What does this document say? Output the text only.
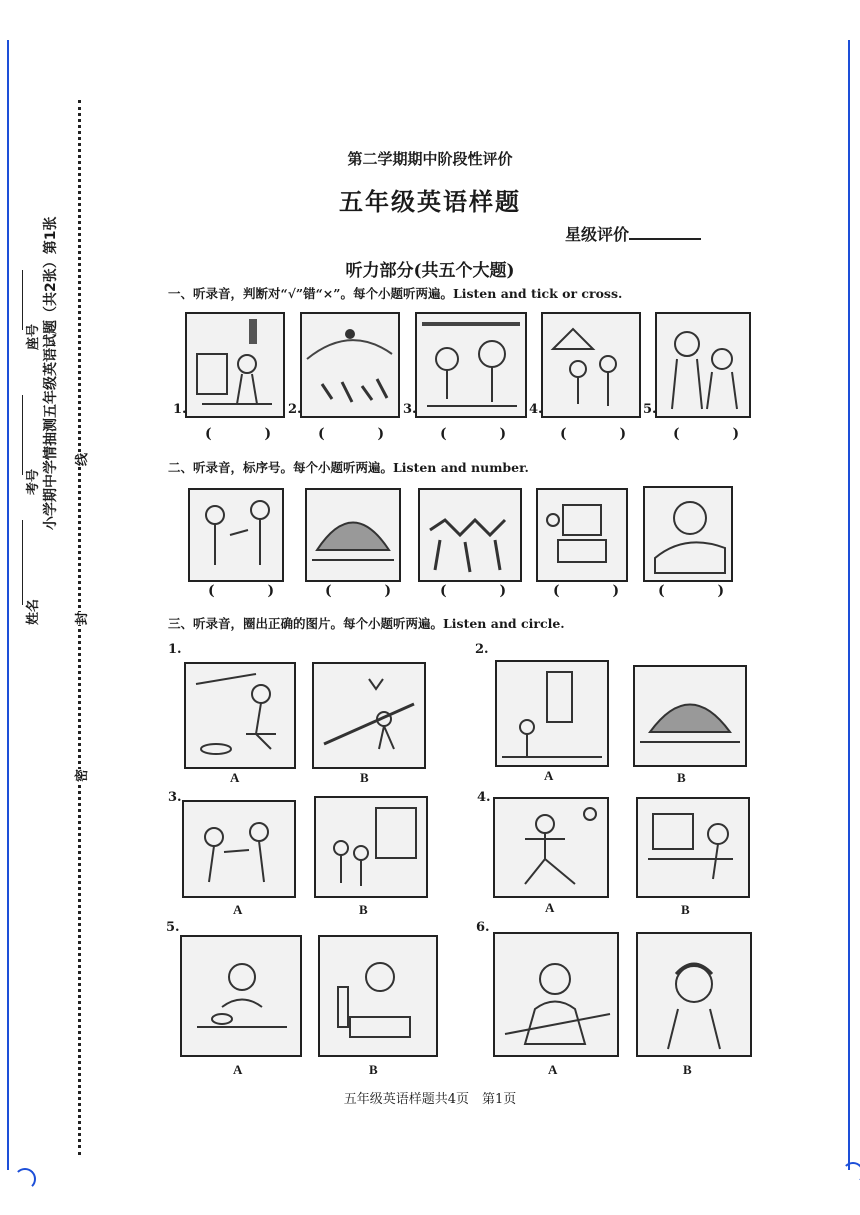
小学期中学情抽测五年级英语试题（共2张）第1张
座号
考号
姓名
线
封
密
第二学期期中阶段性评价
五年级英语样题
星级评价
听力部分(共五个大题)
一、听录音，判断对“√”错“×”。每个小题听两遍。Listen and tick or cross.
1.	2.	3.	4.	5.
( ) ( ) ( ) ( ) ( )
二、听录音，标序号。每个小题听两遍。Listen and number.
( ) ( ) ( ) ( ) ( )
三、听录音，圈出正确的图片。每个小题听两遍。Listen and circle.
1.
A	B
2.
A	B
3.
A	B
4.
A	B
5.
A	B
6.
A	B
五年级英语样题共4页　第1页
